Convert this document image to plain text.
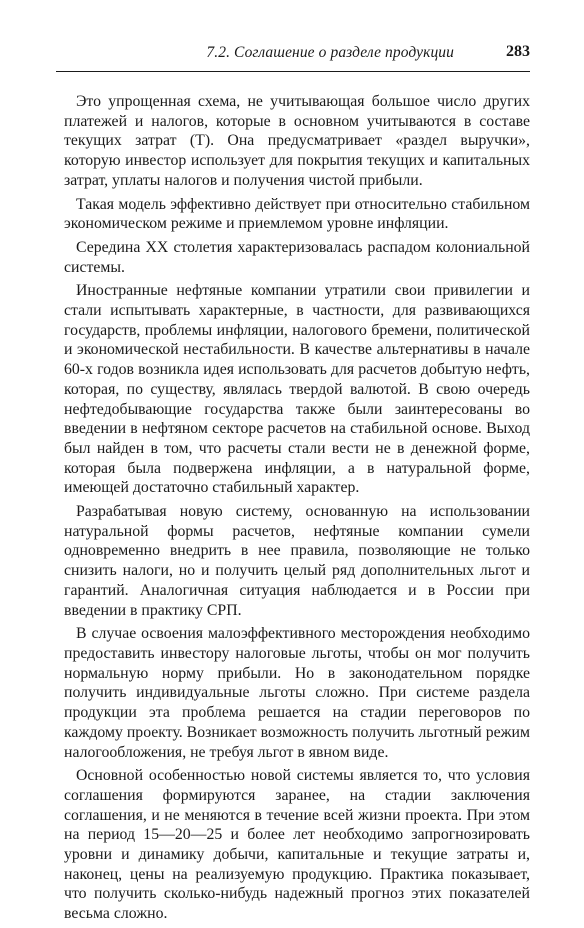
7.2. Соглашение о разделе продукции	283

Это упрощенная схема, не учитывающая большое число других платежей и налогов, которые в основном учитываются в составе текущих затрат (T). Она предусматривает «раздел выручки», которую инвестор использует для покрытия текущих и капитальных затрат, уплаты налогов и получения чистой прибыли.

Такая модель эффективно действует при относительно стабильном экономическом режиме и приемлемом уровне инфляции.

Середина XX столетия характеризовалась распадом колониальной системы.

Иностранные нефтяные компании утратили свои привилегии и стали испытывать характерные, в частности, для развивающихся государств, проблемы инфляции, налогового бремени, политической и экономической нестабильности. В качестве альтернативы в начале 60-х годов возникла идея использовать для расчетов добытую нефть, которая, по существу, являлась твердой валютой. В свою очередь нефтедобывающие государства также были заинтересованы во введении в нефтяном секторе расчетов на стабильной основе. Выход был найден в том, что расчеты стали вести не в денежной форме, которая была подвержена инфляции, а в натуральной форме, имеющей достаточно стабильный характер.

Разрабатывая новую систему, основанную на использовании натуральной формы расчетов, нефтяные компании сумели одновременно внедрить в нее правила, позволяющие не только снизить налоги, но и получить целый ряд дополнительных льгот и гарантий. Аналогичная ситуация наблюдается и в России при введении в практику СРП.

В случае освоения малоэффективного месторождения необходимо предоставить инвестору налоговые льготы, чтобы он мог получить нормальную норму прибыли. Но в законодательном порядке получить индивидуальные льготы сложно. При системе раздела продукции эта проблема решается на стадии переговоров по каждому проекту. Возникает возможность получить льготный режим налогообложения, не требуя льгот в явном виде.

Основной особенностью новой системы является то, что условия соглашения формируются заранее, на стадии заключения соглашения, и не меняются в течение всей жизни проекта. При этом на период 15—20—25 и более лет необходимо запрогнозировать уровни и динамику добычи, капитальные и текущие затраты и, наконец, цены на реализуемую продукцию. Практика показывает, что получить сколько-нибудь надежный прогноз этих показателей весьма сложно.
